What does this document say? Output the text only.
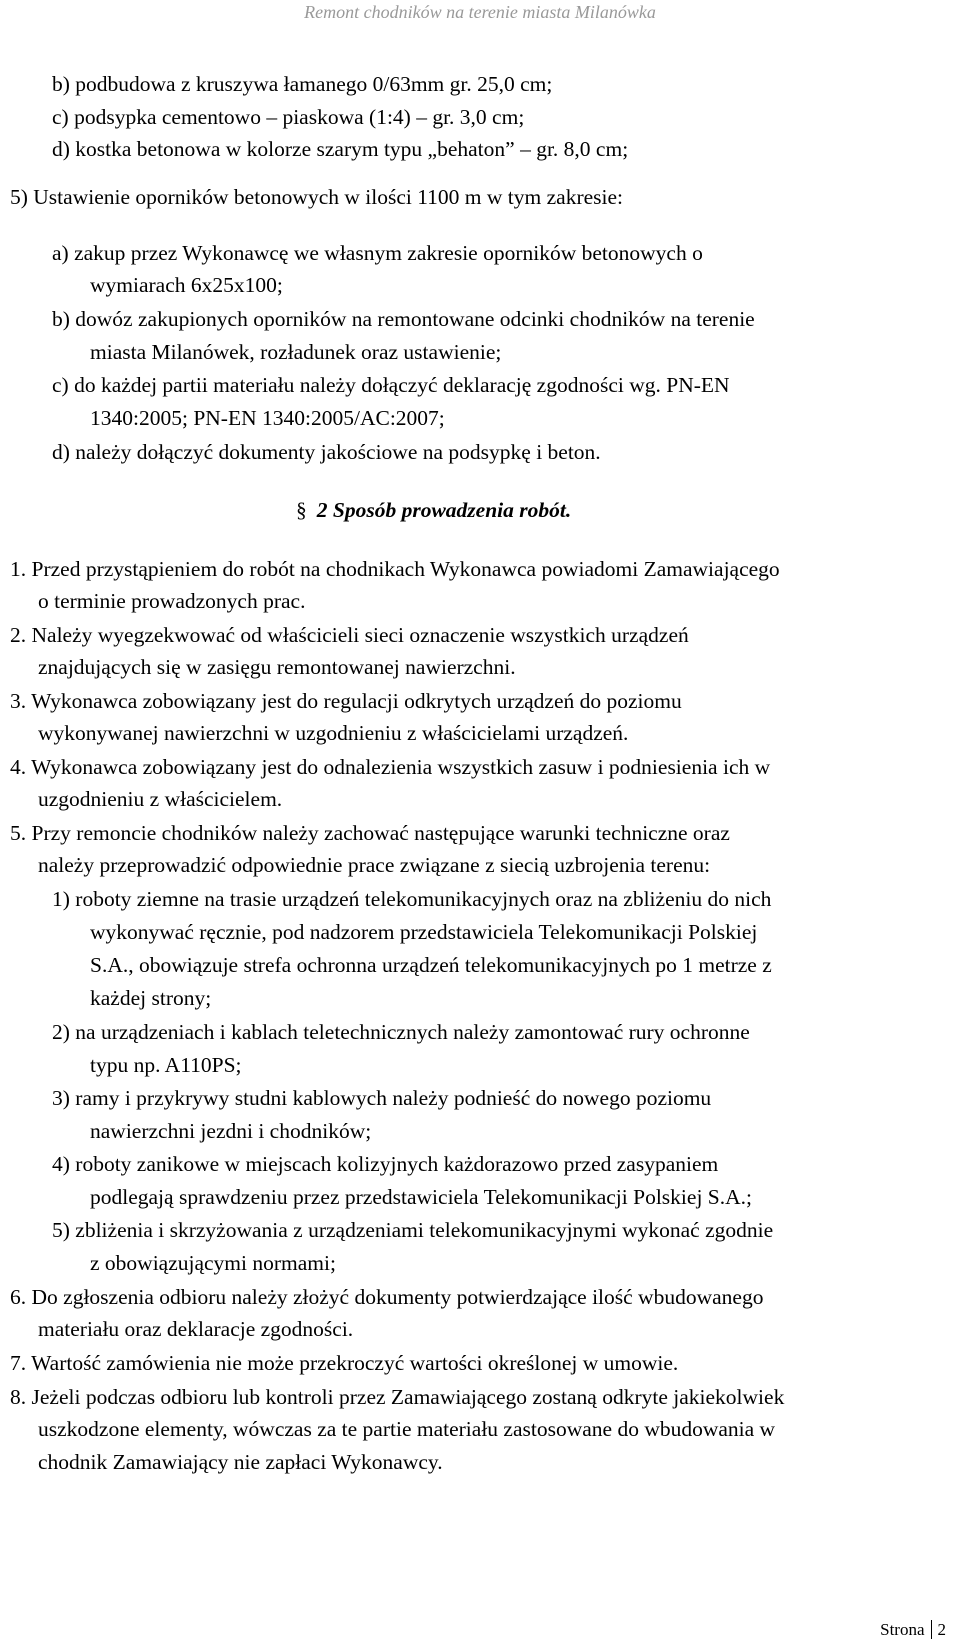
Remont chodników na terenie miasta Milanówka
b) podbudowa z kruszywa łamanego 0/63mm gr. 25,0 cm;
c) podsypka cementowo – piaskowa (1:4) – gr. 3,0 cm;
d) kostka betonowa w kolorze szarym typu „behaton” – gr. 8,0 cm;
5) Ustawienie oporników betonowych w ilości 1100 m w tym zakresie:
a) zakup przez Wykonawcę we własnym zakresie oporników betonowych o
wymiarach 6x25x100;
b) dowóz zakupionych oporników na remontowane odcinki chodników na terenie
miasta Milanówek, rozładunek oraz ustawienie;
c) do każdej partii materiału należy dołączyć deklarację zgodności wg. PN-EN
1340:2005; PN-EN 1340:2005/AC:2007;
d) należy dołączyć dokumenty jakościowe na podsypkę i beton.
§ 2 Sposób prowadzenia robót.
1. Przed przystąpieniem do robót na chodnikach Wykonawca powiadomi Zamawiającego
o terminie prowadzonych prac.
2. Należy wyegzekwować od właścicieli sieci oznaczenie wszystkich urządzeń
znajdujących się w zasięgu remontowanej nawierzchni.
3. Wykonawca zobowiązany jest do regulacji odkrytych urządzeń do poziomu
wykonywanej nawierzchni w uzgodnieniu z właścicielami urządzeń.
4. Wykonawca zobowiązany jest do odnalezienia wszystkich zasuw i podniesienia ich w
uzgodnieniu z właścicielem.
5. Przy remoncie chodników należy zachować następujące warunki techniczne oraz
należy przeprowadzić odpowiednie prace związane z siecią uzbrojenia terenu:
1) roboty ziemne na trasie urządzeń telekomunikacyjnych oraz na zbliżeniu do nich
wykonywać ręcznie, pod nadzorem przedstawiciela Telekomunikacji Polskiej
S.A., obowiązuje strefa ochronna urządzeń telekomunikacyjnych po 1 metrze z
każdej strony;
2) na urządzeniach i kablach teletechnicznych należy zamontować rury ochronne
typu np. A110PS;
3) ramy i przykrywy studni kablowych należy podnieść do nowego poziomu
nawierzchni jezdni i chodników;
4) roboty zanikowe w miejscach kolizyjnych każdorazowo przed zasypaniem
podlegają sprawdzeniu przez przedstawiciela Telekomunikacji Polskiej S.A.;
5) zbliżenia i skrzyżowania z urządzeniami telekomunikacyjnymi wykonać zgodnie
z obowiązującymi normami;
6. Do zgłoszenia odbioru należy złożyć dokumenty potwierdzające ilość wbudowanego
materiału oraz deklaracje zgodności.
7. Wartość zamówienia nie może przekroczyć wartości określonej w umowie.
8. Jeżeli podczas odbioru lub kontroli przez Zamawiającego zostaną odkryte jakiekolwiek
uszkodzone elementy, wówczas za te partie materiału zastosowane do wbudowania w
chodnik Zamawiający nie zapłaci Wykonawcy.
Strona 2
